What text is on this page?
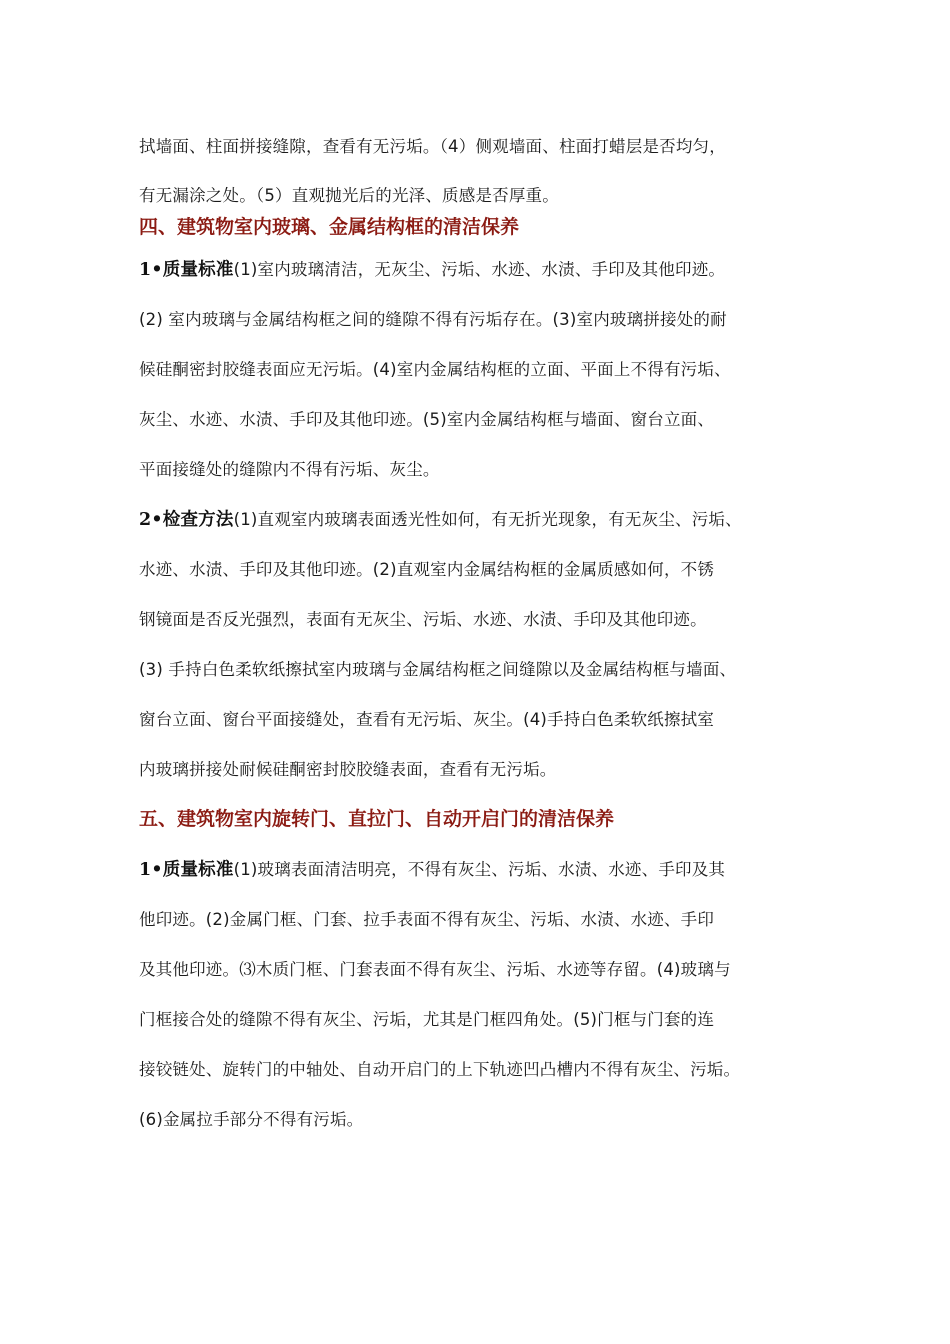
拭墙面、柱面拼接缝隙，查看有无污垢。（4）侧观墙面、柱面打蜡层是否均匀，
有无漏涂之处。（5）直观抛光后的光泽、质感是否厚重。
四、建筑物室内玻璃、金属结构框的清洁保养
1•质量标准(1)室内玻璃清洁，无灰尘、污垢、水迹、水渍、手印及其他印迹。
(2) 室内玻璃与金属结构框之间的缝隙不得有污垢存在。(3)室内玻璃拼接处的耐
候硅酮密封胶缝表面应无污垢。(4)室内金属结构框的立面、平面上不得有污垢、
灰尘、水迹、水渍、手印及其他印迹。(5)室内金属结构框与墙面、窗台立面、
平面接缝处的缝隙内不得有污垢、灰尘。
2•检查方法(1)直观室内玻璃表面透光性如何，有无折光现象，有无灰尘、污垢、
水迹、水渍、手印及其他印迹。(2)直观室内金属结构框的金属质感如何，不锈
钢镜面是否反光强烈，表面有无灰尘、污垢、水迹、水渍、手印及其他印迹。
(3) 手持白色柔软纸擦拭室内玻璃与金属结构框之间缝隙以及金属结构框与墙面、
窗台立面、窗台平面接缝处，查看有无污垢、灰尘。(4)手持白色柔软纸擦拭室
内玻璃拼接处耐候硅酮密封胶胶缝表面，查看有无污垢。
五、建筑物室内旋转门、直拉门、自动开启门的清洁保养
1•质量标准(1)玻璃表面清洁明亮，不得有灰尘、污垢、水渍、水迹、手印及其
他印迹。(2)金属门框、门套、拉手表面不得有灰尘、污垢、水渍、水迹、手印
及其他印迹。⑶木质门框、门套表面不得有灰尘、污垢、水迹等存留。(4)玻璃与
门框接合处的缝隙不得有灰尘、污垢，尤其是门框四角处。(5)门框与门套的连
接铰链处、旋转门的中轴处、自动开启门的上下轨迹凹凸槽内不得有灰尘、污垢。
(6)金属拉手部分不得有污垢。
